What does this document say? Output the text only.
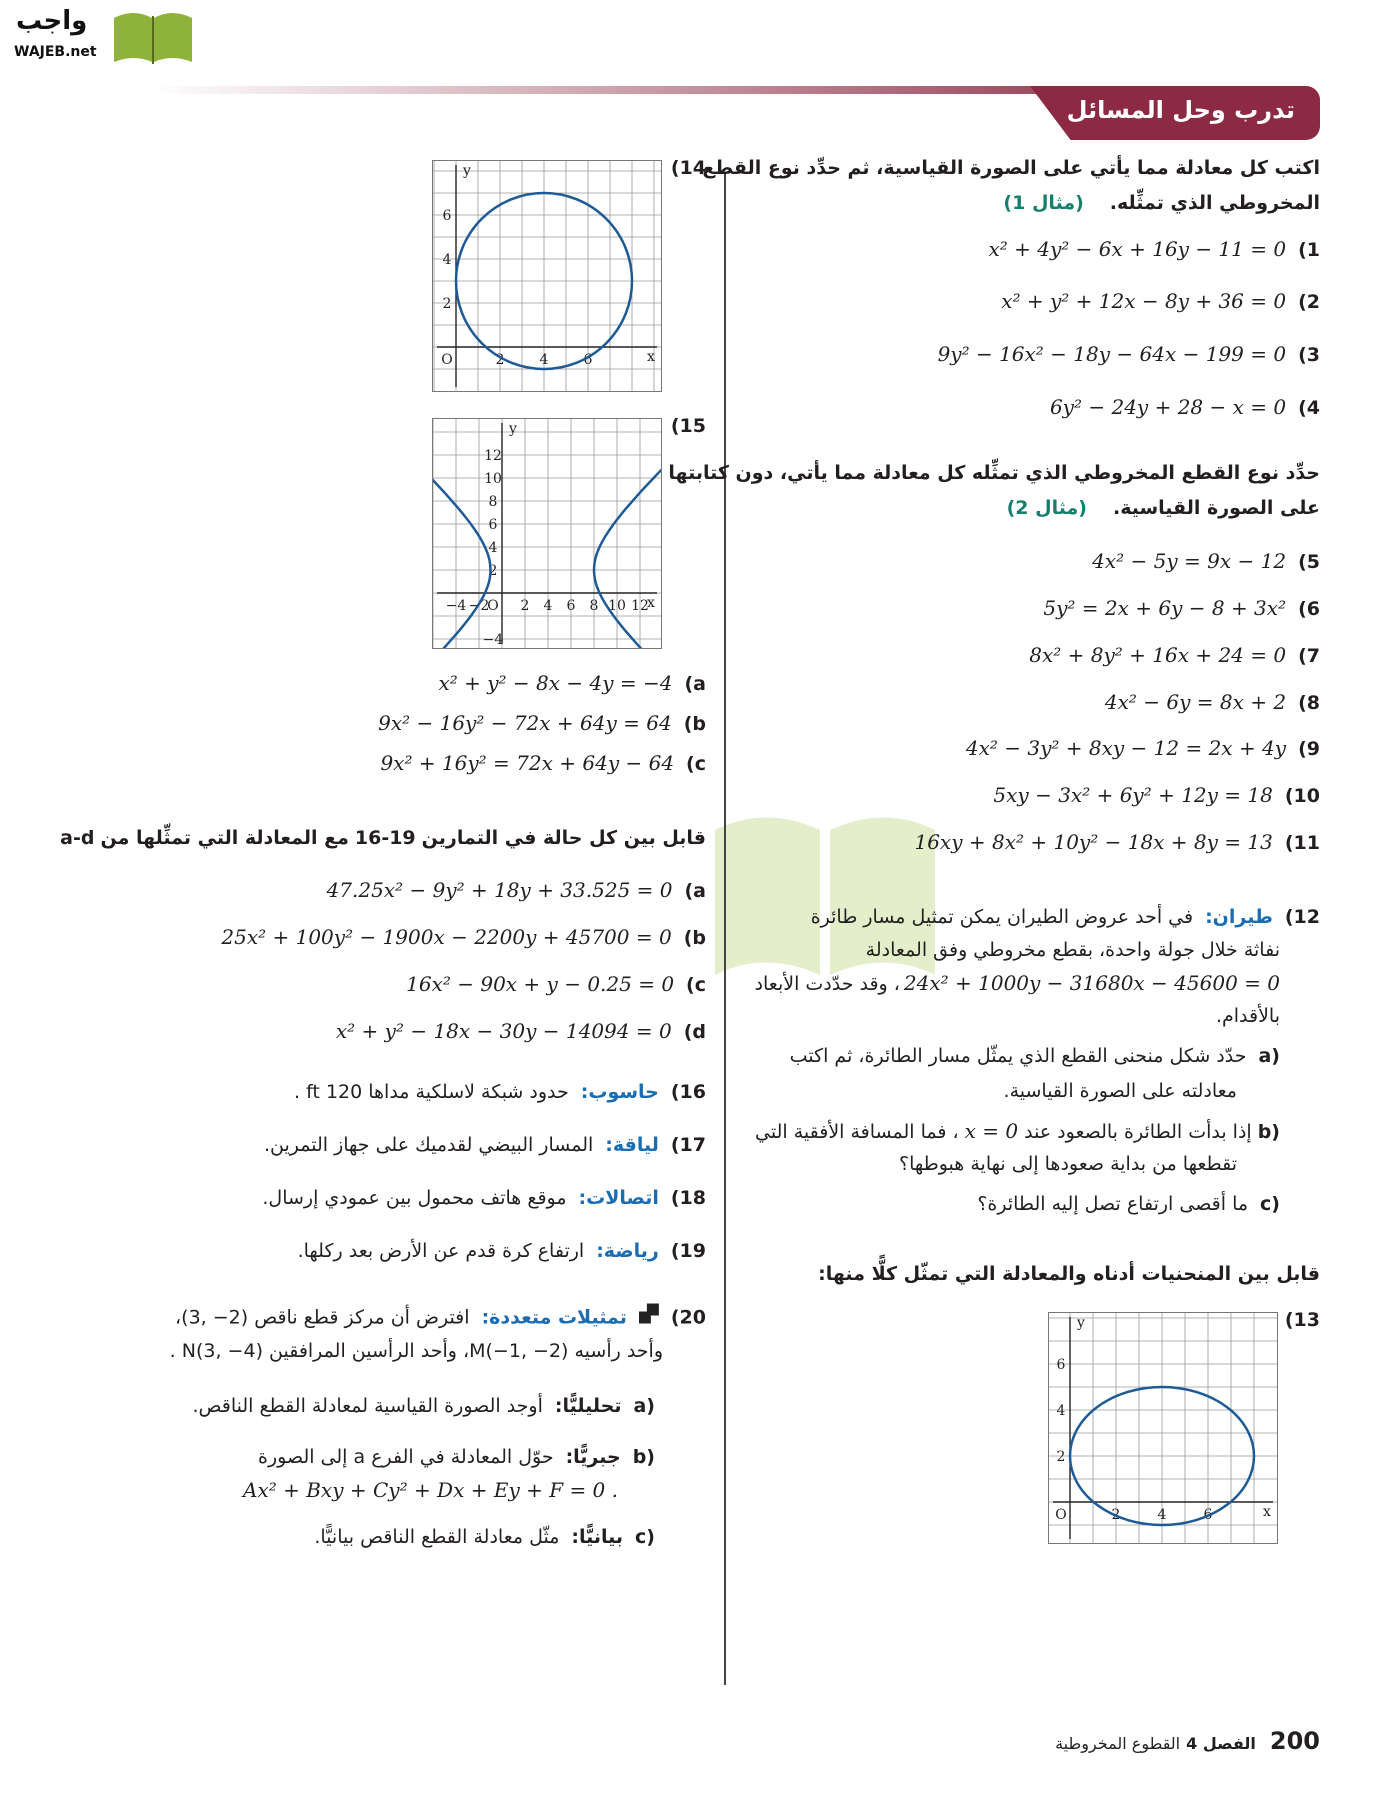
واجب
WAJEB.net
تدرب وحل المسائل
اكتب كل معادلة مما يأتي على الصورة القياسية، ثم حدِّد نوع القطع
المخروطي الذي تمثِّله.
(مثال 1)
(1
x² + 4y² − 6x + 16y − 11 = 0
(2
x² + y² + 12x − 8y + 36 = 0
(3
9y² − 16x² − 18y − 64x − 199 = 0
(4
6y² − 24y + 28 − x = 0
حدِّد نوع القطع المخروطي الذي تمثِّله كل معادلة مما يأتي، دون كتابتها
على الصورة القياسية.
(مثال 2)
(5
4x² − 5y = 9x − 12
(6
5y² = 2x + 6y − 8 + 3x²
(7
8x² + 8y² + 16x + 24 = 0
(8
4x² − 6y = 8x + 2
(9
4x² − 3y² + 8xy − 12 = 2x + 4y
(10
5xy − 3x² + 6y² + 12y = 18
(11
16xy + 8x² + 10y² − 18x + 8y = 13
(12
طيران:
في أحد عروض الطيران يمكن تمثيل مسار طائرة
نفاثة خلال جولة واحدة، بقطع مخروطي وفق المعادلة
24x² + 1000y − 31680x − 45600 = 0
، وقد حدّدت الأبعاد
بالأقدام.
a)
حدّد شكل منحنى القطع الذي يمثّل مسار الطائرة، ثم اكتب
معادلته على الصورة القياسية.
b)
إذا بدأت الطائرة بالصعود عند
x = 0
، فما المسافة الأفقية التي
تقطعها من بداية صعودها إلى نهاية هبوطها؟
c)
ما أقصى ارتفاع تصل إليه الطائرة؟
قابل بين المنحنيات أدناه والمعادلة التي تمثّل كلًّا منها:
(13
2	4	6
2
4
6
O	x
y
(14
2	4	6
2
4
6
O	x
y
(15
−4 −2 2 4 6 8 10 12
12
10
8
6
4
2
−4
O	x
y
(a
x² + y² − 8x − 4y = −4
(b
9x² − 16y² − 72x + 64y = 64
(c
9x² + 16y² = 72x + 64y − 64
قابل بين كل حالة في التمارين
16-19
مع المعادلة التي تمثِّلها من
a-d
(a
47.25x² − 9y² + 18y + 33.525 = 0
(b
25x² + 100y² − 1900x − 2200y + 45700 = 0
(c
16x² − 90x + y − 0.25 = 0
(d
x² + y² − 18x − 30y − 14094 = 0
(16
حاسوب:
حدود شبكة لاسلكية مداها 120 ft .
(17
لياقة:
المسار البيضي لقدميك على جهاز التمرين.
(18
اتصالات:
موقع هاتف محمول بين عمودي إرسال.
(19
رياضة:
ارتفاع كرة قدم عن الأرض بعد ركلها.
(20
تمثيلات متعددة:
افترض أن مركز قطع ناقص (2− ,3)،
وأحد رأسيه (2− ,1−)M، وأحد الرأسين المرافقين (4− ,3)N .
a)
تحليليًّا:
أوجد الصورة القياسية لمعادلة القطع الناقص.
b)
جبريًّا:
حوّل المعادلة في الفرع a إلى الصورة
Ax² + Bxy + Cy² + Dx + Ey + F = 0 .
c)
بيانيًّا:
مثّل معادلة القطع الناقص بيانيًّا.
200
الفصل 4
القطوع المخروطية
